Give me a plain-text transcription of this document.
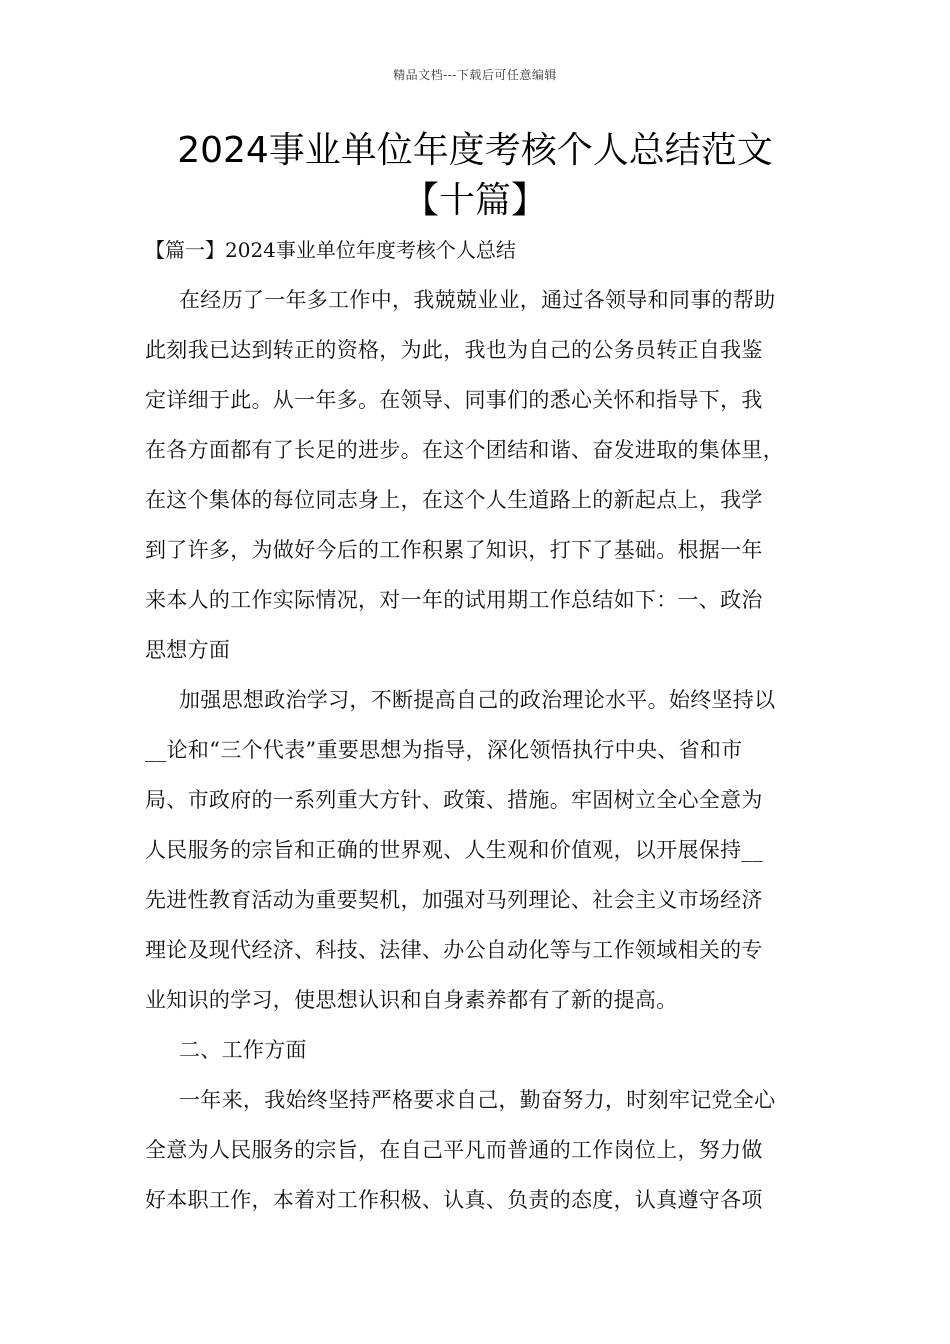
精品文档---下载后可任意编辑
2024事业单位年度考核个人总结范文
【十篇】
【篇一】2024事业单位年度考核个人总结
在经历了一年多工作中，我兢兢业业，通过各领导和同事的帮助
此刻我已达到转正的资格，为此，我也为自己的公务员转正自我鉴
定详细于此。从一年多。在领导、同事们的悉心关怀和指导下，我
在各方面都有了长足的进步。在这个团结和谐、奋发进取的集体里，
在这个集体的每位同志身上，在这个人生道路上的新起点上，我学
到了许多，为做好今后的工作积累了知识，打下了基础。根据一年
来本人的工作实际情况，对一年的试用期工作总结如下：一、政治
思想方面
加强思想政治学习，不断提高自己的政治理论水平。始终坚持以
__论和“三个代表”重要思想为指导，深化领悟执行中央、省和市
局、市政府的一系列重大方针、政策、措施。牢固树立全心全意为
人民服务的宗旨和正确的世界观、人生观和价值观，以开展保持__
先进性教育活动为重要契机，加强对马列理论、社会主义市场经济
理论及现代经济、科技、法律、办公自动化等与工作领域相关的专
业知识的学习，使思想认识和自身素养都有了新的提高。
二、工作方面
一年来，我始终坚持严格要求自己，勤奋努力，时刻牢记党全心
全意为人民服务的宗旨，在自己平凡而普通的工作岗位上，努力做
好本职工作，本着对工作积极、认真、负责的态度，认真遵守各项
